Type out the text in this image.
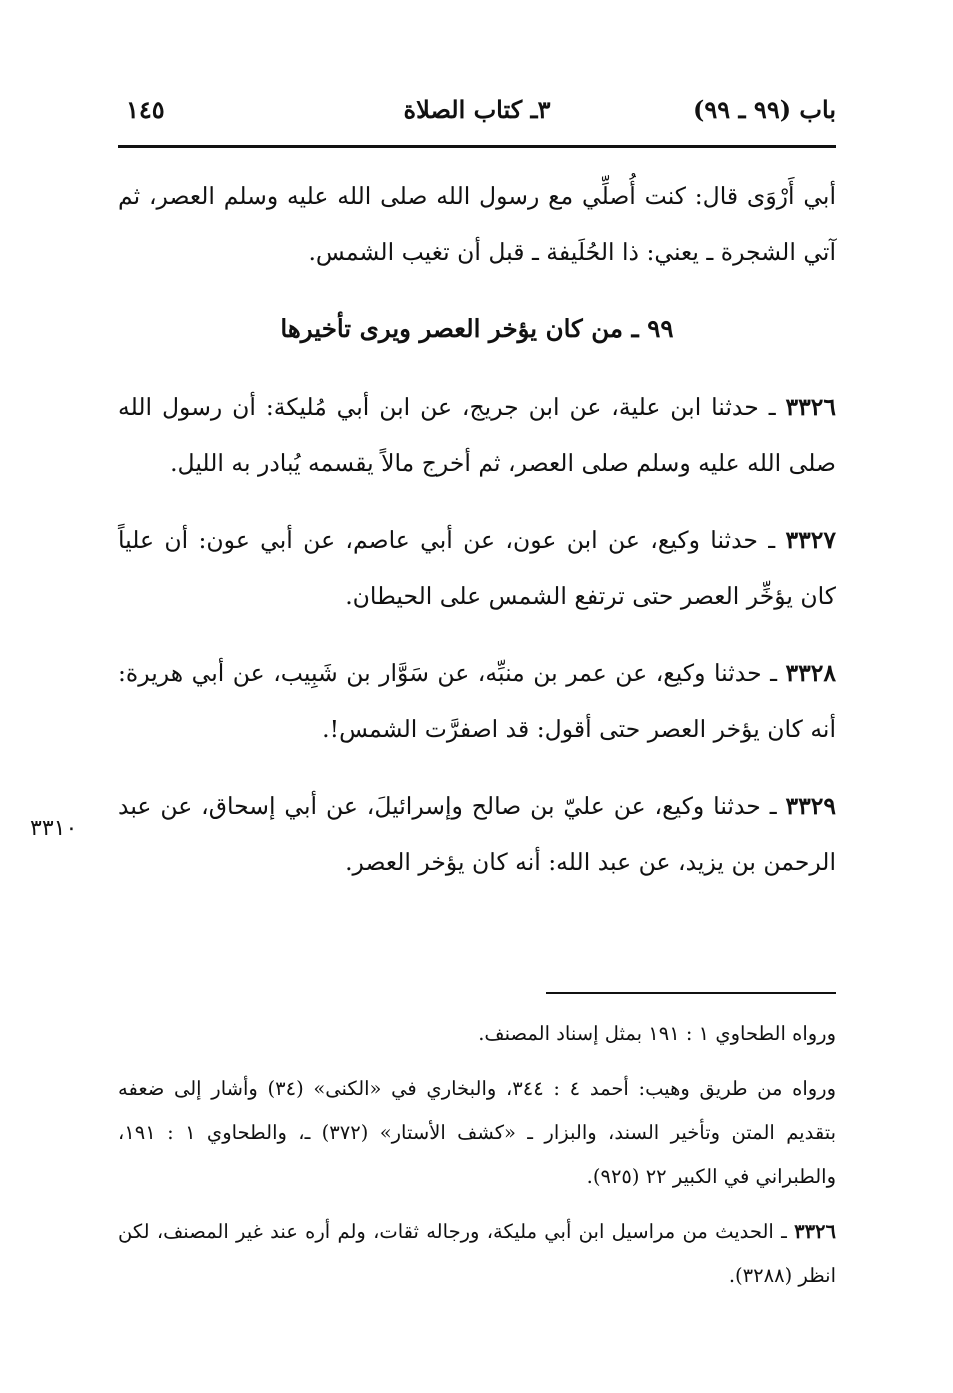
باب (٩٩ ـ ٩٩)
٣ـ كتاب الصلاة
١٤٥

أبي أَرْوَى قال: كنت أُصلِّي مع رسول الله صلى الله عليه وسلم العصر، ثم آتي الشجرة ـ يعني: ذا الحُلَيفة ـ قبل أن تغيب الشمس.

٩٩ ـ من كان يؤخر العصر ويرى تأخيرها

٣٣٢٦ ـ حدثنا ابن علية، عن ابن جريج، عن ابن أبي مُليكة: أن رسول الله صلى الله عليه وسلم صلى العصر، ثم أخرج مالاً يقسمه يُبادر به الليل.

٣٣٢٧ ـ حدثنا وكيع، عن ابن عون، عن أبي عاصم، عن أبي عون: أن علياً كان يؤخِّر العصر حتى ترتفع الشمس على الحيطان.

٣٣٢٨ ـ حدثنا وكيع، عن عمر بن منبِّه، عن سَوَّار بن شَبِيب، عن أبي هريرة: أنه كان يؤخر العصر حتى أقول: قد اصفرَّت الشمس!.

٣٣٢٩ ـ حدثنا وكيع، عن عليّ بن صالح وإسرائيلَ، عن أبي إسحاق، عن عبد الرحمن بن يزيد، عن عبد الله: أنه كان يؤخر العصر.

٣٣١٠

ورواه الطحاوي ١ : ١٩١ بمثل إسناد المصنف.

ورواه من طريق وهيب: أحمد ٤ : ٣٤٤، والبخاري في «الكنى» (٣٤) وأشار إلى ضعفه بتقديم المتن وتأخير السند، والبزار ـ «كشف الأستار» (٣٧٢) ـ، والطحاوي ١ : ١٩١، والطبراني في الكبير ٢٢ (٩٢٥).

٣٣٢٦ ـ الحديث من مراسيل ابن أبي مليكة، ورجاله ثقات، ولم أره عند غير المصنف، لكن انظر (٣٢٨٨).
